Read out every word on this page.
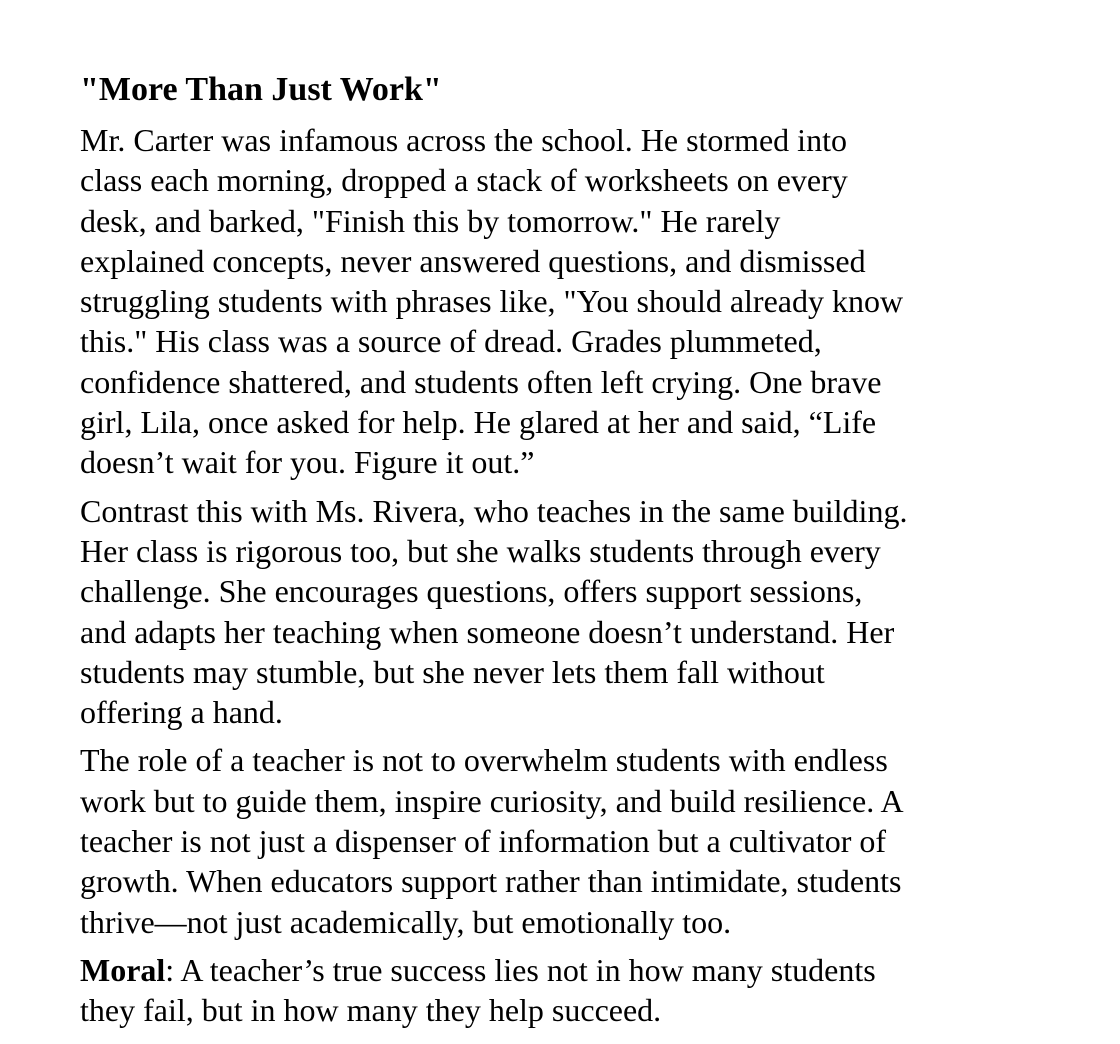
"More Than Just Work"
Mr. Carter was infamous across the school. He stormed into
class each morning, dropped a stack of worksheets on every
desk, and barked, "Finish this by tomorrow." He rarely
explained concepts, never answered questions, and dismissed
struggling students with phrases like, "You should already know
this." His class was a source of dread. Grades plummeted,
confidence shattered, and students often left crying. One brave
girl, Lila, once asked for help. He glared at her and said, “Life
doesn’t wait for you. Figure it out.”
Contrast this with Ms. Rivera, who teaches in the same building.
Her class is rigorous too, but she walks students through every
challenge. She encourages questions, offers support sessions,
and adapts her teaching when someone doesn’t understand. Her
students may stumble, but she never lets them fall without
offering a hand.
The role of a teacher is not to overwhelm students with endless
work but to guide them, inspire curiosity, and build resilience. A
teacher is not just a dispenser of information but a cultivator of
growth. When educators support rather than intimidate, students
thrive—not just academically, but emotionally too.
Moral: A teacher’s true success lies not in how many students
they fail, but in how many they help succeed.
